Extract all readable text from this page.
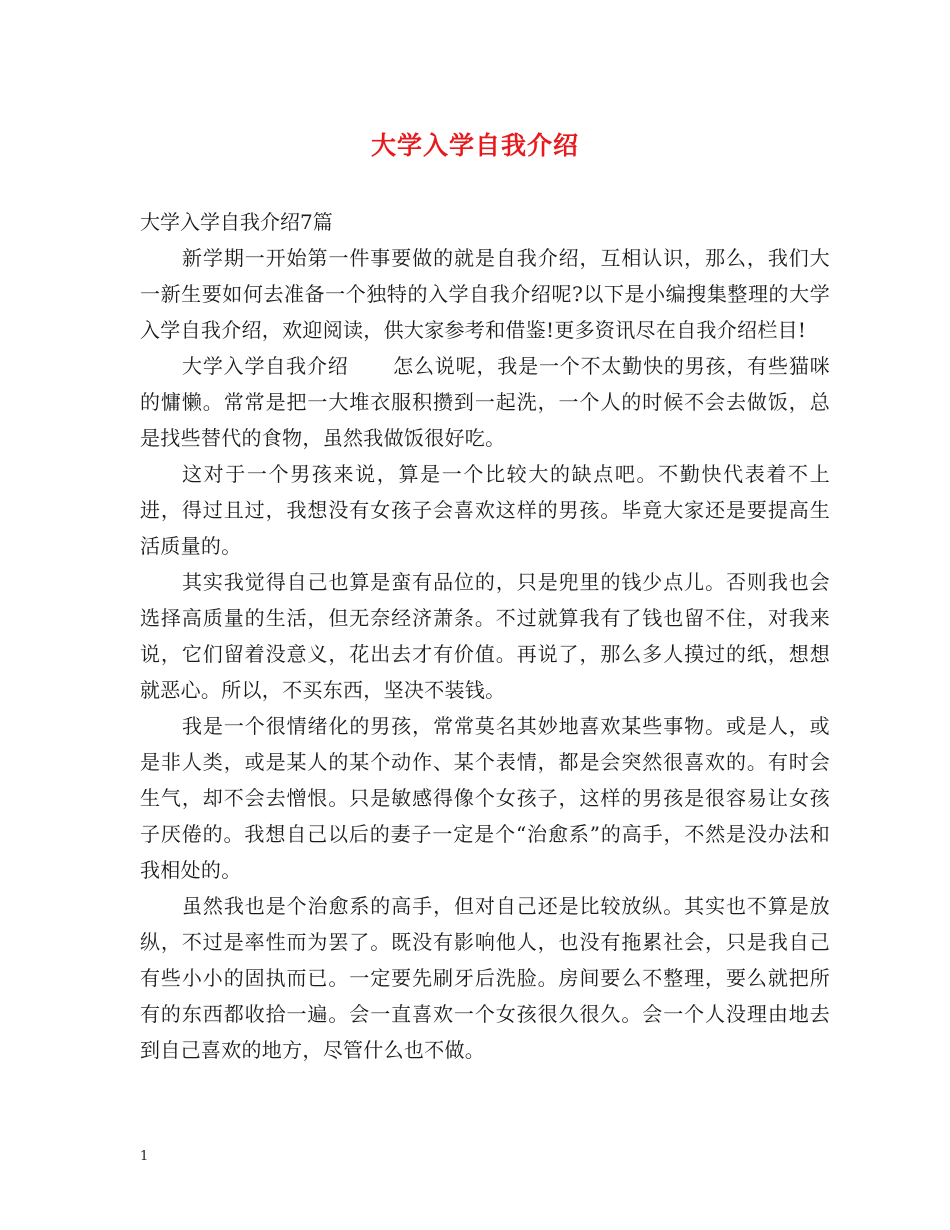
大学入学自我介绍
大学入学自我介绍7篇

新学期一开始第一件事要做的就是自我介绍，互相认识，那么，我们大一新生要如何去准备一个独特的入学自我介绍呢?以下是小编搜集整理的大学入学自我介绍，欢迎阅读，供大家参考和借鉴!更多资讯尽在自我介绍栏目!

大学入学自我介绍 怎么说呢，我是一个不太勤快的男孩，有些猫咪的慵懒。常常是把一大堆衣服积攒到一起洗，一个人的时候不会去做饭，总是找些替代的食物，虽然我做饭很好吃。

这对于一个男孩来说，算是一个比较大的缺点吧。不勤快代表着不上进，得过且过，我想没有女孩子会喜欢这样的男孩。毕竟大家还是要提高生活质量的。

其实我觉得自己也算是蛮有品位的，只是兜里的钱少点儿。否则我也会选择高质量的生活，但无奈经济萧条。不过就算我有了钱也留不住，对我来说，它们留着没意义，花出去才有价值。再说了，那么多人摸过的纸，想想就恶心。所以，不买东西，坚决不装钱。

我是一个很情绪化的男孩，常常莫名其妙地喜欢某些事物。或是人，或是非人类，或是某人的某个动作、某个表情，都是会突然很喜欢的。有时会生气，却不会去憎恨。只是敏感得像个女孩子，这样的男孩是很容易让女孩子厌倦的。我想自己以后的妻子一定是个“治愈系”的高手，不然是没办法和我相处的。

虽然我也是个治愈系的高手，但对自己还是比较放纵。其实也不算是放纵，不过是率性而为罢了。既没有影响他人，也没有拖累社会，只是我自己有些小小的固执而已。一定要先刷牙后洗脸。房间要么不整理，要么就把所有的东西都收拾一遍。会一直喜欢一个女孩很久很久。会一个人没理由地去到自己喜欢的地方，尽管什么也不做。

1
